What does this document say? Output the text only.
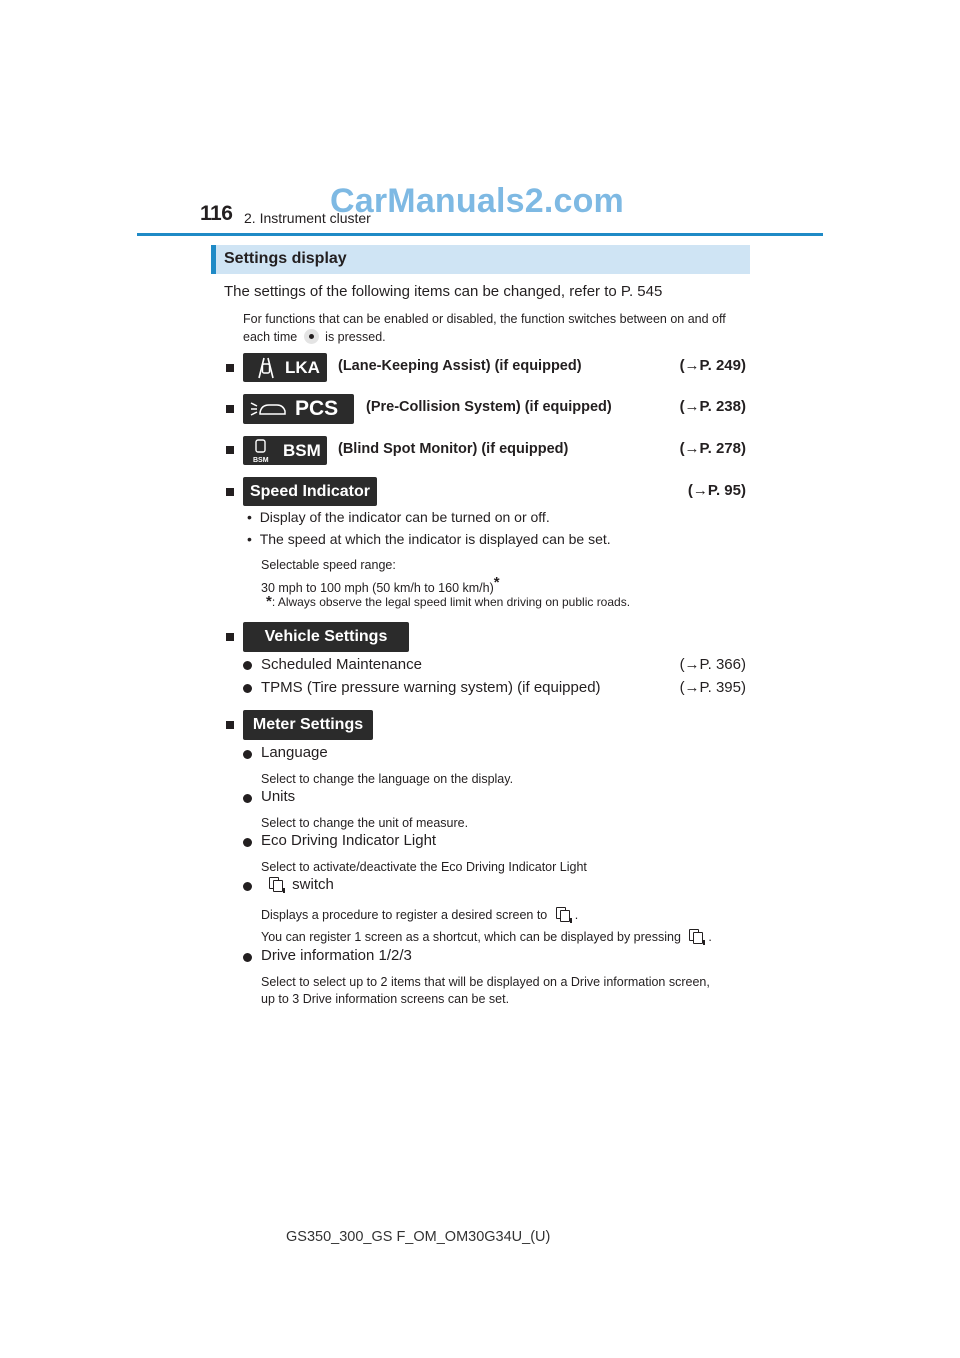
116 2. Instrument cluster
CarManuals2.com
Settings display
The settings of the following items can be changed, refer to P. 545
For functions that can be enabled or disabled, the function switches between on and off each time is pressed.
LKA (Lane-Keeping Assist) (if equipped)	(→P. 249)
PCS (Pre-Collision System) (if equipped)	(→P. 238)
BSM
BSM (Blind Spot Monitor) (if equipped)	(→P. 278)
Speed Indicator	(→P. 95)
•  Display of the indicator can be turned on or off.
•  The speed at which the indicator is displayed can be set.
Selectable speed range:
30 mph to 100 mph (50 km/h to 160 km/h)*
*: Always observe the legal speed limit when driving on public roads.
Vehicle Settings
Scheduled Maintenance	(→P. 366)
TPMS (Tire pressure warning system) (if equipped)	(→P. 395)
Meter Settings
Language
Select to change the language on the display.
Units
Select to change the unit of measure.
Eco Driving Indicator Light
Select to activate/deactivate the Eco Driving Indicator Light
switch
Displays a procedure to register a desired screen to .
You can register 1 screen as a shortcut, which can be displayed by pressing .
Drive information 1/2/3
Select to select up to 2 items that will be displayed on a Drive information screen,
up to 3 Drive information screens can be set.
GS350_300_GS F_OM_OM30G34U_(U)
